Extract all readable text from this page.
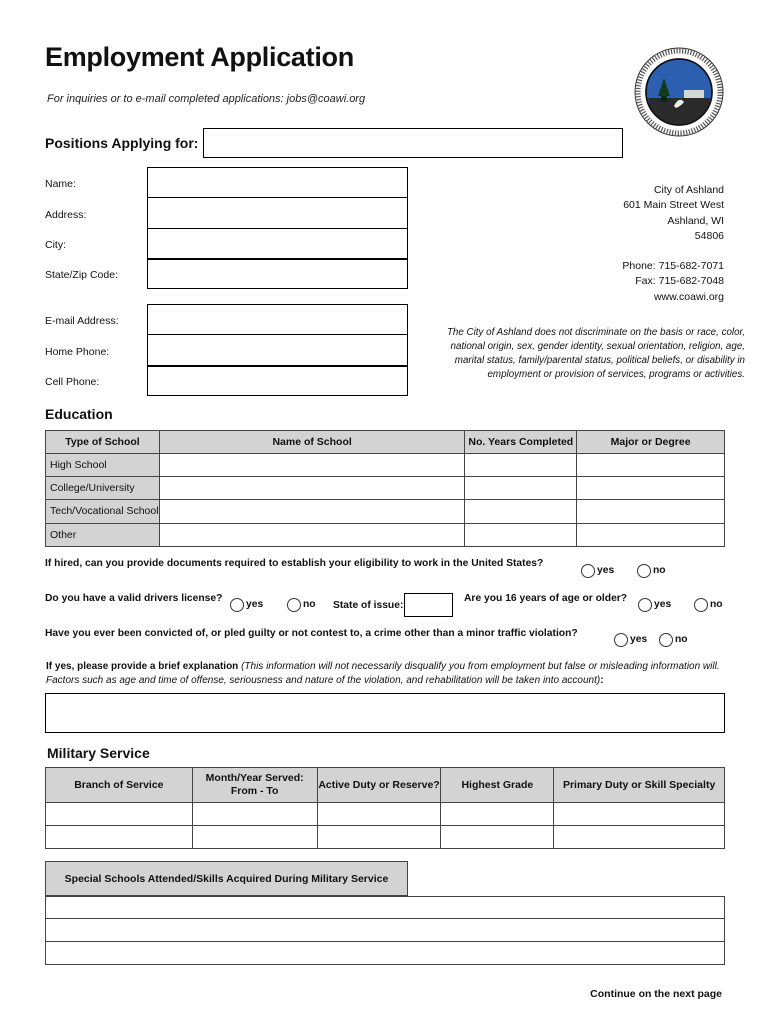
Employment Application
For inquiries or to e-mail completed applications: jobs@coawi.org
Positions Applying for:
Name:
Address:
City:
State/Zip Code:
E-mail Address:
Home Phone:
Cell Phone:
City of Ashland
601 Main Street West
Ashland, WI
54806
Phone: 715-682-7071
Fax: 715-682-7048
www.coawi.org
The City of Ashland does not discriminate on the basis or race, color, national origin, sex, gender identity, sexual orientation, religion, age, marital status, family/parental status, political beliefs, or disability in employment or provision of services, programs or activities.
Education
Type of School	Name of School	No. Years Completed	Major or Degree
High School			
College/University			
Tech/Vocational School			
Other			
If hired, can you provide documents required to establish your eligibility to work in the United States?
yes	no
Do you have a valid drivers license?
yes	no State of issue:
Are you 16 years of age or older?
yes	no
Have you ever been convicted of, or pled guilty or not contest to, a crime other than a minor traffic violation?
yes	no
If yes, please provide a brief explanation (This information will not necessarily disqualify you from employment but false or misleading information will. Factors such as age and time of offense, seriousness and nature of the violation, and rehabilitation will be taken into account):
Military Service
Branch of Service	Month/Year Served: From - To	Active Duty or Reserve?	Highest Grade	Primary Duty or Skill Specialty

Special Schools Attended/Skills Acquired During Military Service
Continue on the next page
